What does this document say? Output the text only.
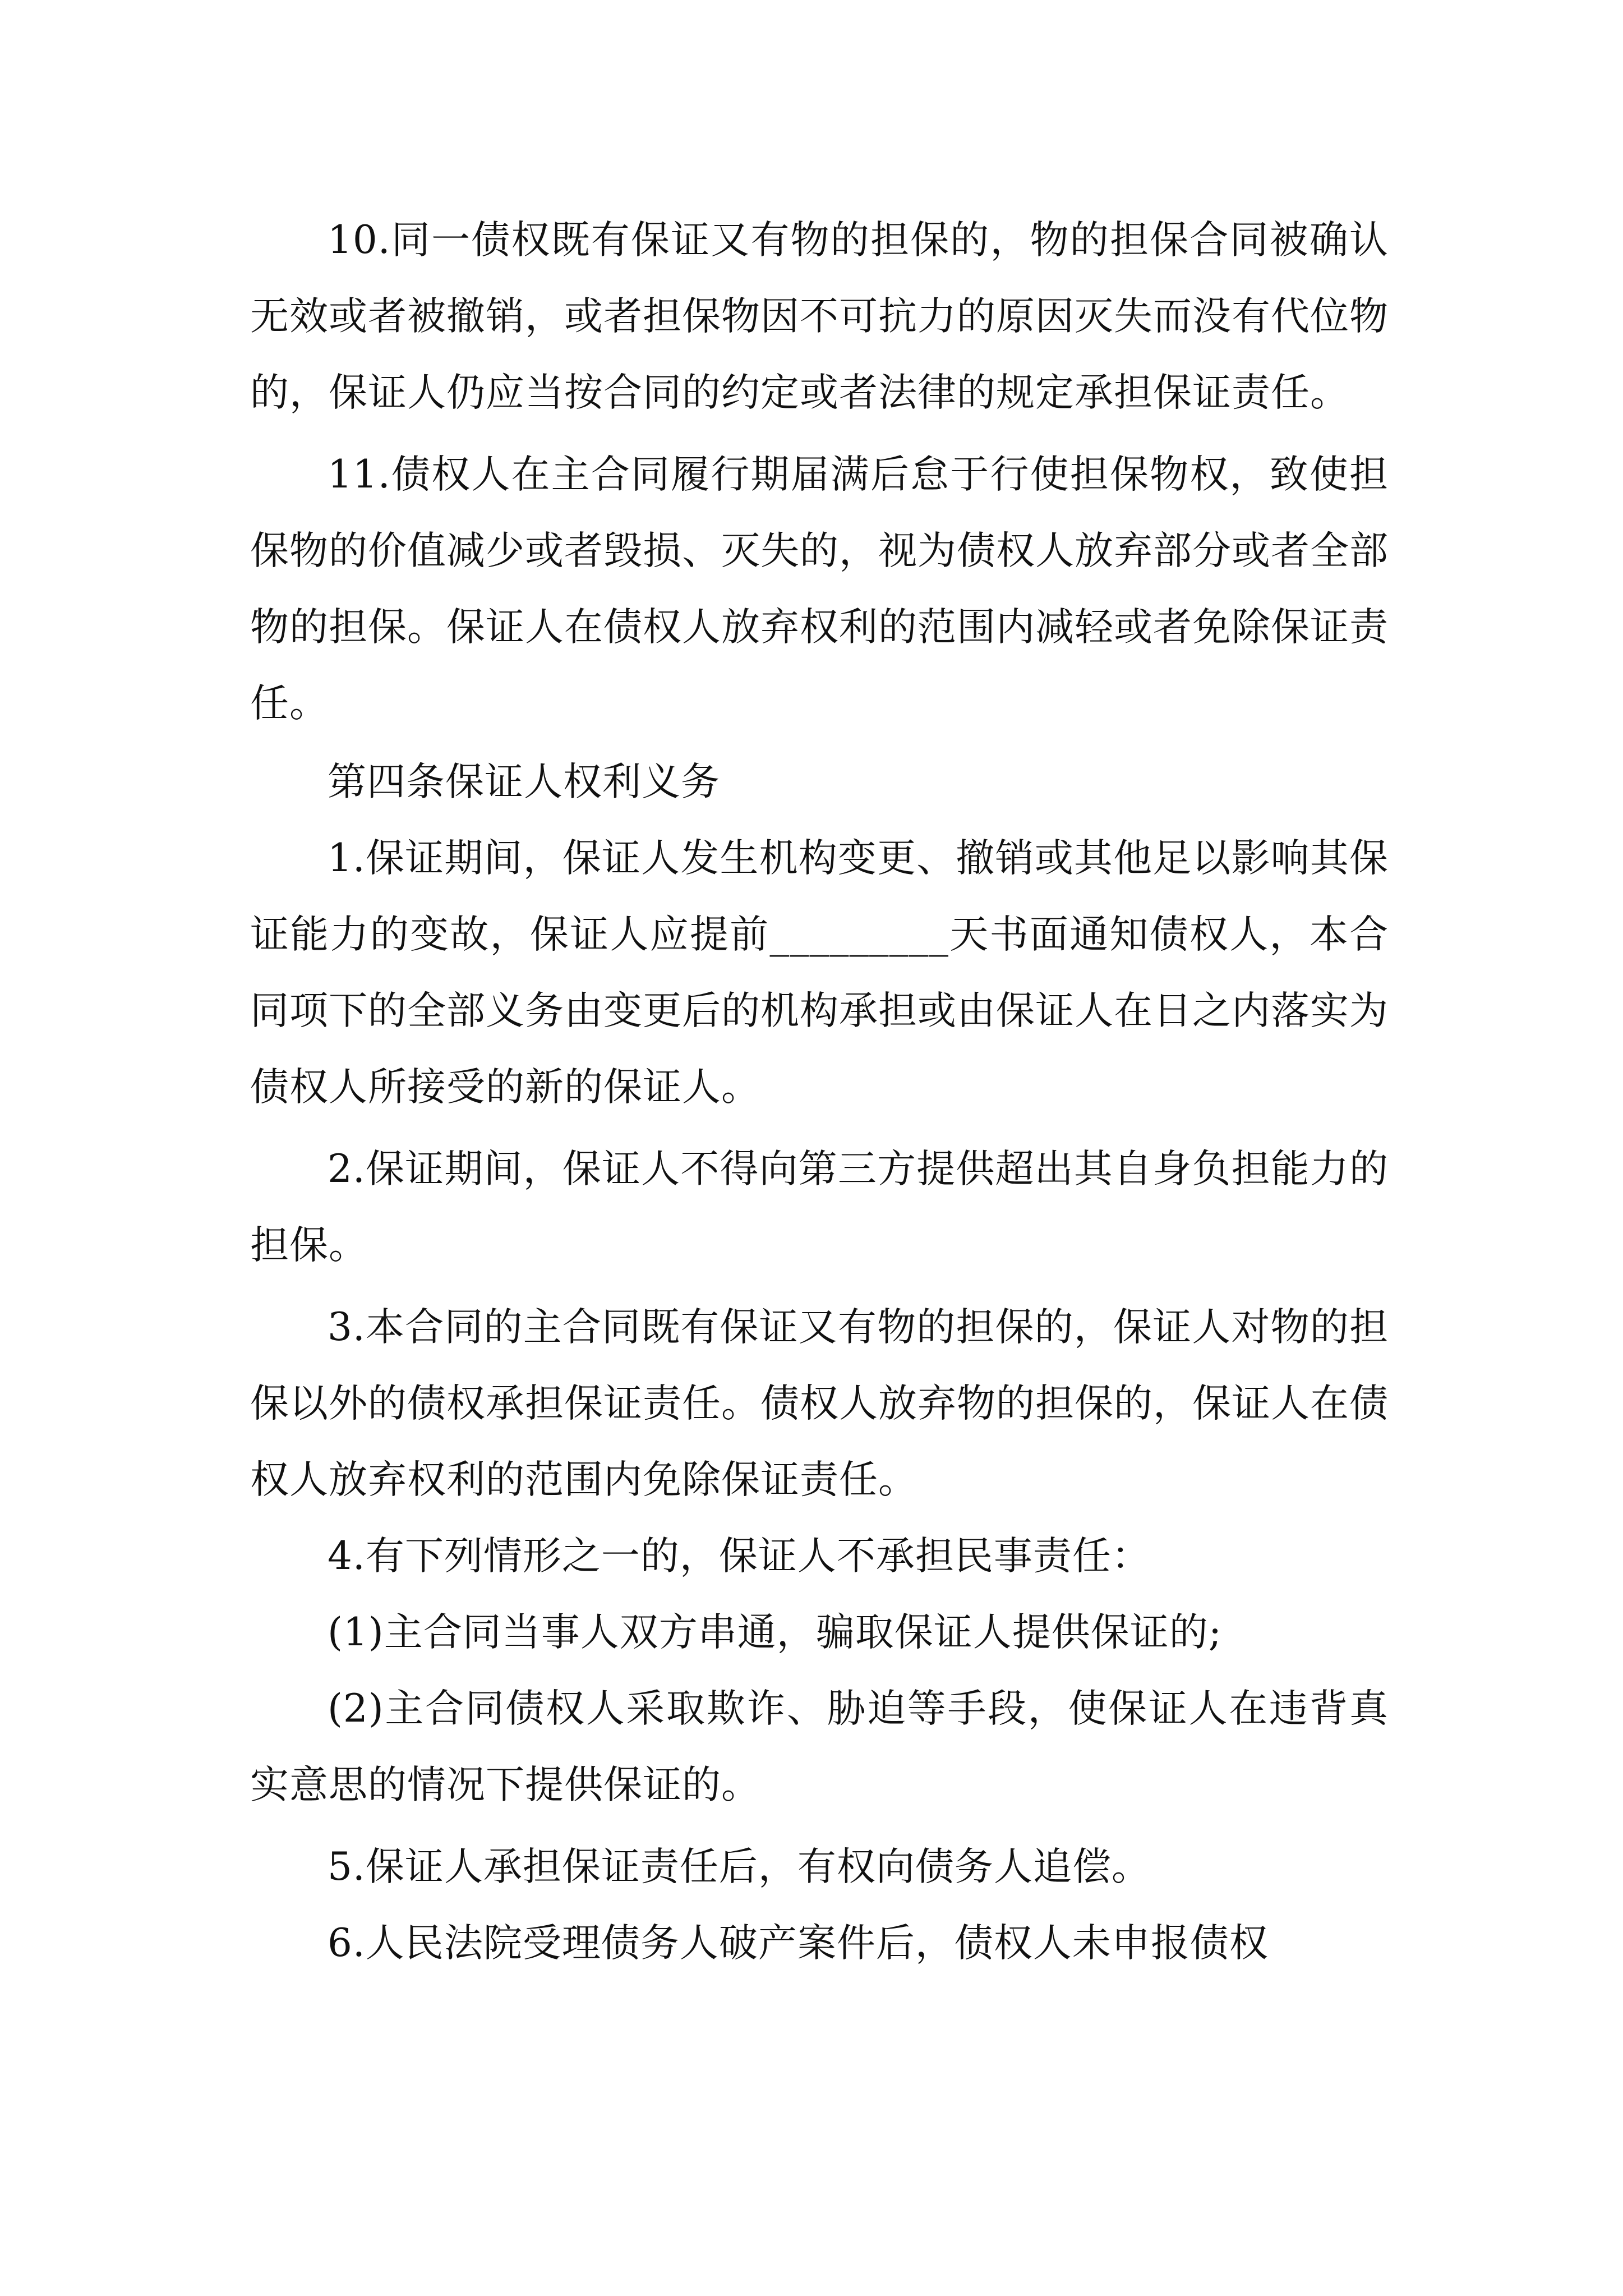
10.同一债权既有保证又有物的担保的，物的担保合同被确认无效或者被撤销，或者担保物因不可抗力的原因灭失而没有代位物的，保证人仍应当按合同的约定或者法律的规定承担保证责任。

11.债权人在主合同履行期届满后怠于行使担保物权，致使担保物的价值减少或者毁损、灭失的，视为债权人放弃部分或者全部物的担保。保证人在债权人放弃权利的范围内减轻或者免除保证责任。

第四条保证人权利义务

1.保证期间，保证人发生机构变更、撤销或其他足以影响其保证能力的变故，保证人应提前_________天书面通知债权人，本合同项下的全部义务由变更后的机构承担或由保证人在日之内落实为债权人所接受的新的保证人。

2.保证期间，保证人不得向第三方提供超出其自身负担能力的担保。

3.本合同的主合同既有保证又有物的担保的，保证人对物的担保以外的债权承担保证责任。债权人放弃物的担保的，保证人在债权人放弃权利的范围内免除保证责任。

4.有下列情形之一的，保证人不承担民事责任：

(1)主合同当事人双方串通，骗取保证人提供保证的;

(2)主合同债权人采取欺诈、胁迫等手段，使保证人在违背真实意思的情况下提供保证的。

5.保证人承担保证责任后，有权向债务人追偿。

6.人民法院受理债务人破产案件后，债权人未申报债权
